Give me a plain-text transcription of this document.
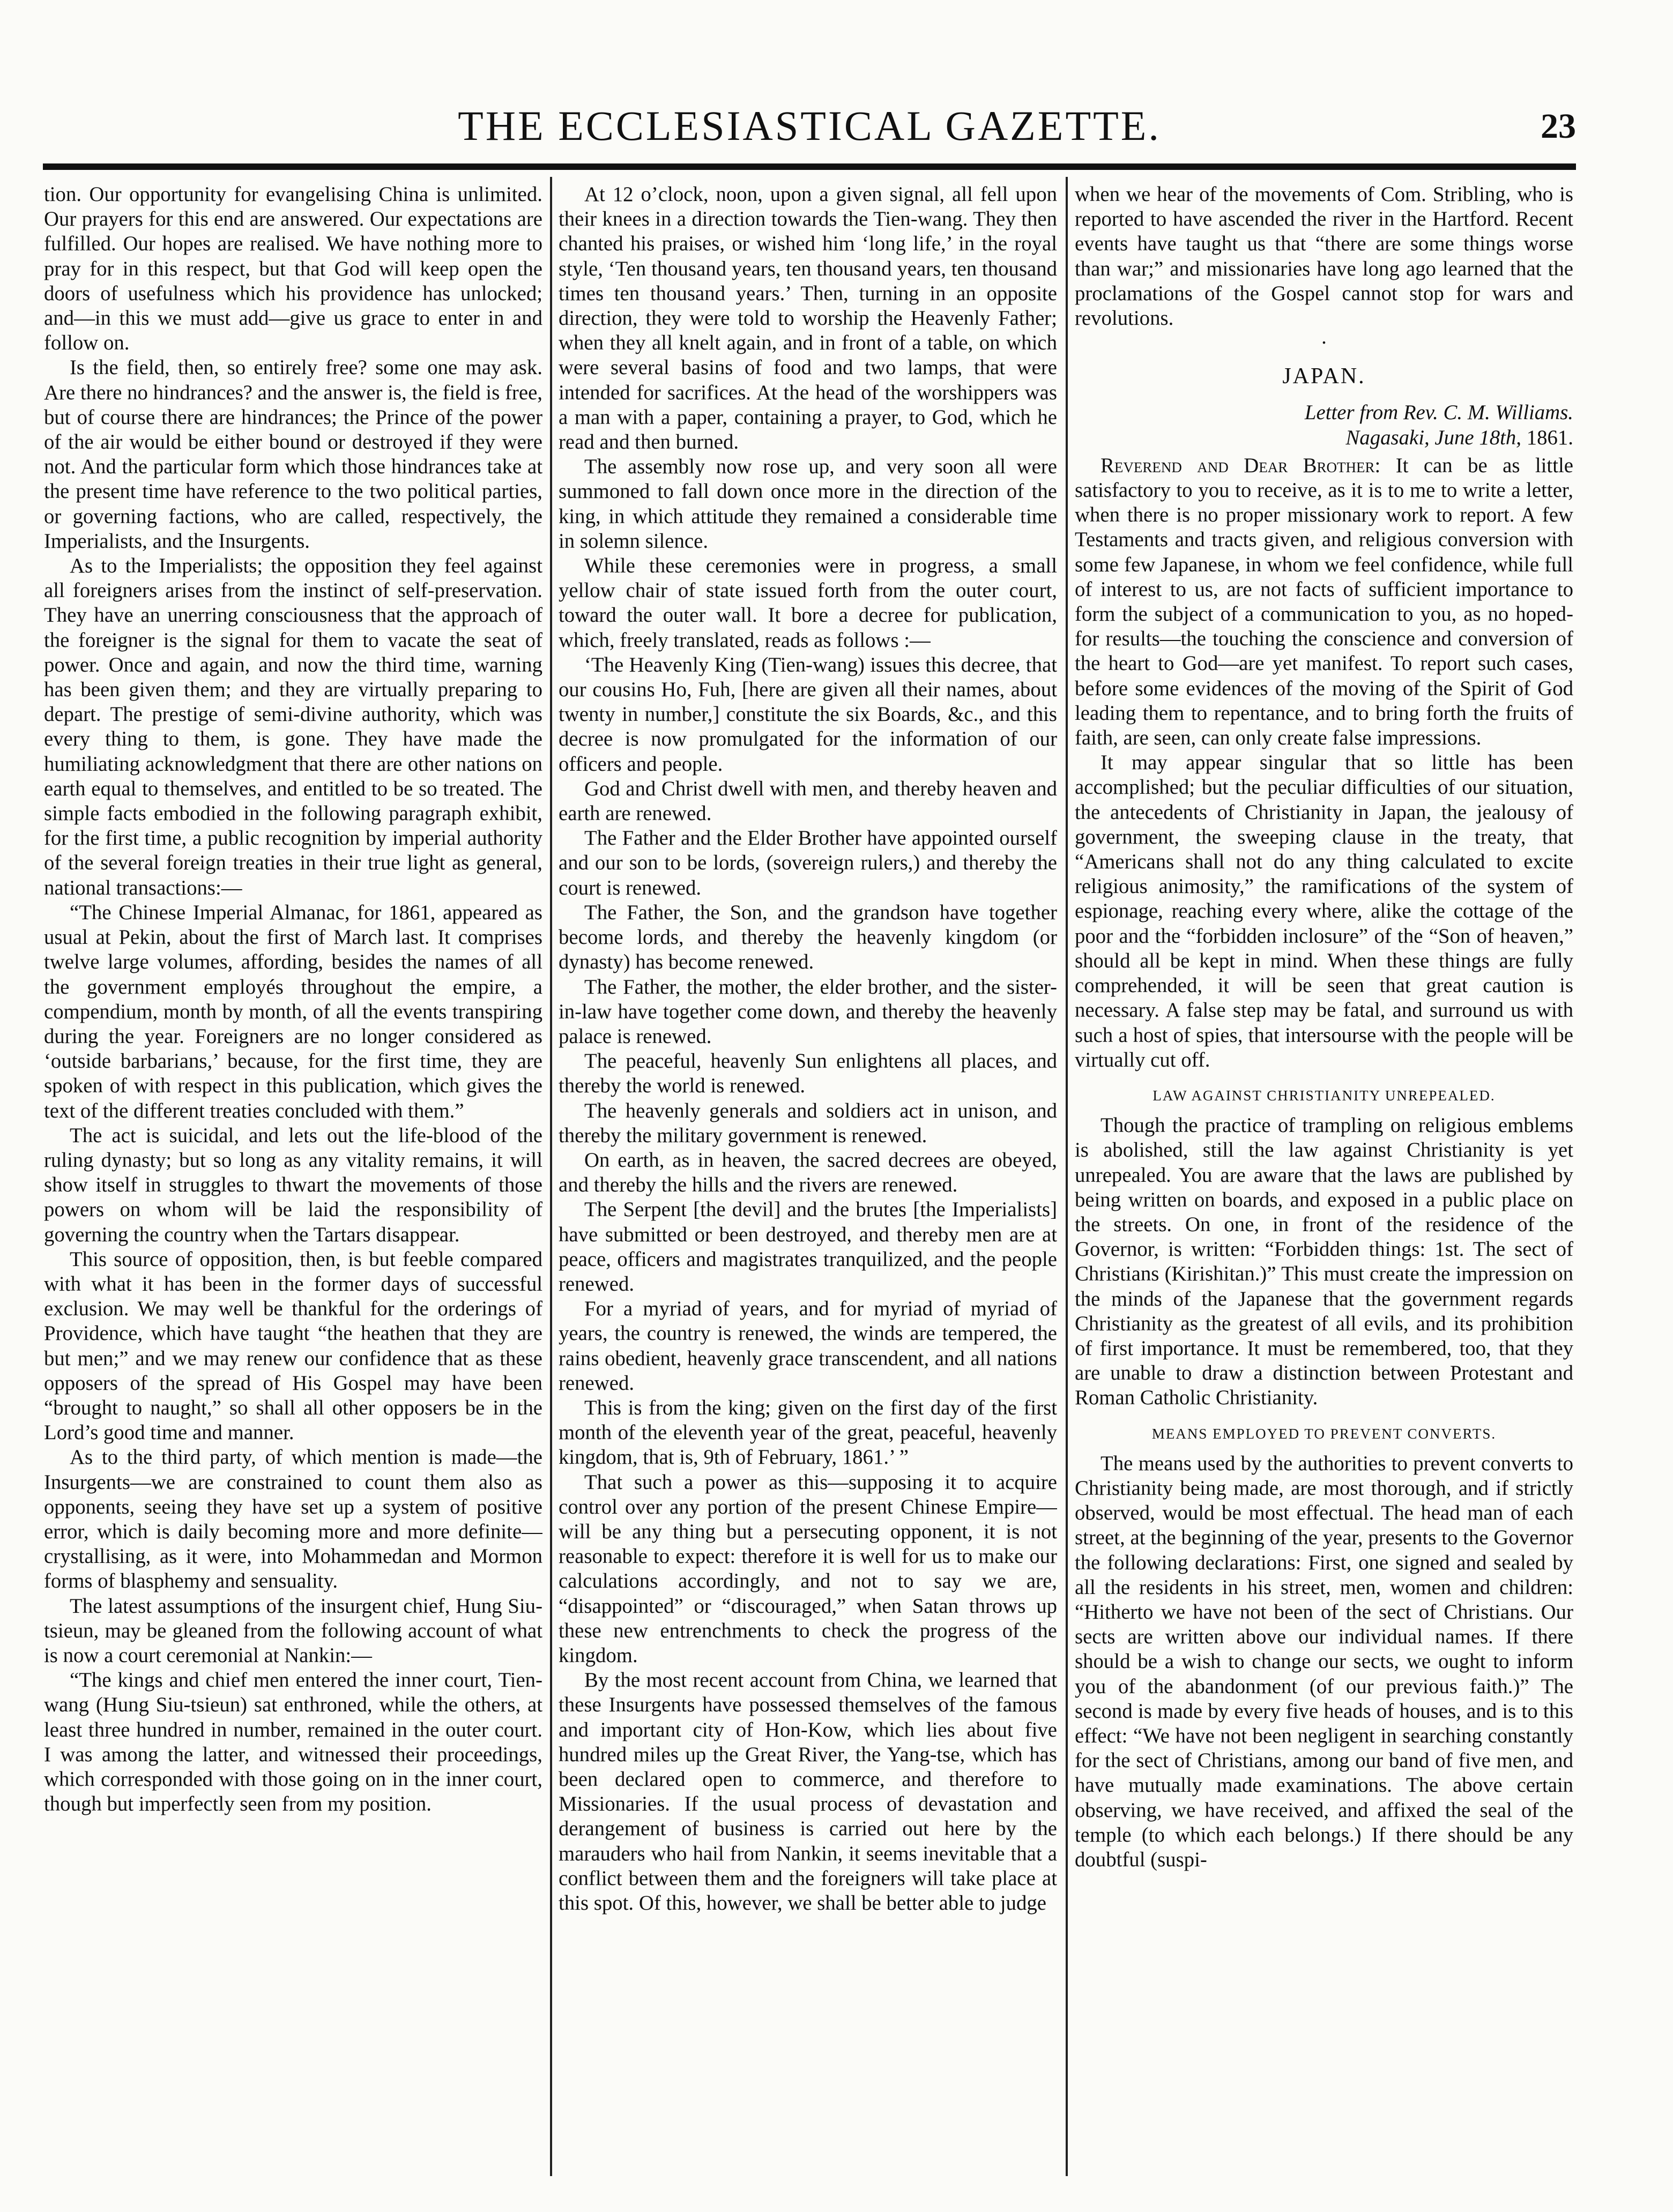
THE ECCLESIASTICAL GAZETTE.	23

tion. Our opportunity for evangelising China is unlimited. Our prayers for this end are answered. Our expectations are fulfilled. Our hopes are realised. We have nothing more to pray for in this respect, but that God will keep open the doors of usefulness which his providence has unlocked; and—in this we must add—give us grace to enter in and follow on.

Is the field, then, so entirely free? some one may ask. Are there no hindrances? and the answer is, the field is free, but of course there are hindrances; the Prince of the power of the air would be either bound or destroyed if they were not. And the particular form which those hindrances take at the present time have reference to the two political parties, or governing factions, who are called, respectively, the Imperialists, and the Insurgents.

As to the Imperialists; the opposition they feel against all foreigners arises from the instinct of self-preservation. They have an unerring consciousness that the approach of the foreigner is the signal for them to vacate the seat of power. Once and again, and now the third time, warning has been given them; and they are virtually preparing to depart. The prestige of semi-divine authority, which was every thing to them, is gone. They have made the humiliating acknowledgment that there are other nations on earth equal to themselves, and entitled to be so treated. The simple facts embodied in the following paragraph exhibit, for the first time, a public recognition by imperial authority of the several foreign treaties in their true light as general, national transactions:—

“The Chinese Imperial Almanac, for 1861, appeared as usual at Pekin, about the first of March last. It comprises twelve large volumes, affording, besides the names of all the government employés throughout the empire, a compendium, month by month, of all the events transpiring during the year. Foreigners are no longer considered as ‘outside barbarians,’ because, for the first time, they are spoken of with respect in this publication, which gives the text of the different treaties concluded with them.”

The act is suicidal, and lets out the life-blood of the ruling dynasty; but so long as any vitality remains, it will show itself in struggles to thwart the movements of those powers on whom will be laid the responsibility of governing the country when the Tartars disappear.

This source of opposition, then, is but feeble compared with what it has been in the former days of successful exclusion. We may well be thankful for the orderings of Providence, which have taught “the heathen that they are but men;” and we may renew our confidence that as these opposers of the spread of His Gospel may have been “brought to naught,” so shall all other opposers be in the Lord’s good time and manner.

As to the third party, of which mention is made—the Insurgents—we are constrained to count them also as opponents, seeing they have set up a system of positive error, which is daily becoming more and more definite—crystallising, as it were, into Mohammedan and Mormon forms of blasphemy and sensuality.

The latest assumptions of the insurgent chief, Hung Siu-tsieun, may be gleaned from the following account of what is now a court ceremonial at Nankin:—

“The kings and chief men entered the inner court, Tien-wang (Hung Siu-tsieun) sat enthroned, while the others, at least three hundred in number, remained in the outer court. I was among the latter, and witnessed their proceedings, which corresponded with those going on in the inner court, though but imperfectly seen from my position.

At 12 o’clock, noon, upon a given signal, all fell upon their knees in a direction towards the Tien-wang. They then chanted his praises, or wished him ‘long life,’ in the royal style, ‘Ten thousand years, ten thousand years, ten thousand times ten thousand years.’ Then, turning in an opposite direction, they were told to worship the Heavenly Father; when they all knelt again, and in front of a table, on which were several basins of food and two lamps, that were intended for sacrifices. At the head of the worshippers was a man with a paper, containing a prayer, to God, which he read and then burned.

The assembly now rose up, and very soon all were summoned to fall down once more in the direction of the king, in which attitude they remained a considerable time in solemn silence.

While these ceremonies were in progress, a small yellow chair of state issued forth from the outer court, toward the outer wall. It bore a decree for publication, which, freely translated, reads as follows :—

‘The Heavenly King (Tien-wang) issues this decree, that our cousins Ho, Fuh, [here are given all their names, about twenty in number,] constitute the six Boards, &c., and this decree is now promulgated for the information of our officers and people.

God and Christ dwell with men, and thereby heaven and earth are renewed.

The Father and the Elder Brother have appointed ourself and our son to be lords, (sovereign rulers,) and thereby the court is renewed.

The Father, the Son, and the grandson have together become lords, and thereby the heavenly kingdom (or dynasty) has become renewed.

The Father, the mother, the elder brother, and the sister-in-law have together come down, and thereby the heavenly palace is renewed.

The peaceful, heavenly Sun enlightens all places, and thereby the world is renewed.

The heavenly generals and soldiers act in unison, and thereby the military government is renewed.

On earth, as in heaven, the sacred decrees are obeyed, and thereby the hills and the rivers are renewed.

The Serpent [the devil] and the brutes [the Imperialists] have submitted or been destroyed, and thereby men are at peace, officers and magistrates tranquilized, and the people renewed.

For a myriad of years, and for myriad of myriad of years, the country is renewed, the winds are tempered, the rains obedient, heavenly grace transcendent, and all nations renewed.

This is from the king; given on the first day of the first month of the eleventh year of the great, peaceful, heavenly kingdom, that is, 9th of February, 1861.’ ”

That such a power as this—supposing it to acquire control over any portion of the present Chinese Empire—will be any thing but a persecuting opponent, it is not reasonable to expect: therefore it is well for us to make our calculations accordingly, and not to say we are, “disappointed” or “discouraged,” when Satan throws up these new entrenchments to check the progress of the kingdom.

By the most recent account from China, we learned that these Insurgents have possessed themselves of the famous and important city of Hon-Kow, which lies about five hundred miles up the Great River, the Yang-tse, which has been declared open to commerce, and therefore to Missionaries. If the usual process of devastation and derangement of business is carried out here by the marauders who hail from Nankin, it seems inevitable that a conflict between them and the foreigners will take place at this spot. Of this, however, we shall be better able to judge

when we hear of the movements of Com. Stribling, who is reported to have ascended the river in the Hartford. Recent events have taught us that “there are some things worse than war;” and missionaries have long ago learned that the proclamations of the Gospel cannot stop for wars and revolutions.

·
JAPAN.

Letter from Rev. C. M. Williams.

Nagasaki, June 18th, 1861.

Reverend and Dear Brother: It can be as little satisfactory to you to receive, as it is to me to write a letter, when there is no proper missionary work to report. A few Testaments and tracts given, and religious conversion with some few Japanese, in whom we feel confidence, while full of interest to us, are not facts of sufficient importance to form the subject of a communication to you, as no hoped-for results—the touching the conscience and conversion of the heart to God—are yet manifest. To report such cases, before some evidences of the moving of the Spirit of God leading them to repentance, and to bring forth the fruits of faith, are seen, can only create false impressions.

It may appear singular that so little has been accomplished; but the peculiar difficulties of our situation, the antecedents of Christianity in Japan, the jealousy of government, the sweeping clause in the treaty, that “Americans shall not do any thing calculated to excite religious animosity,” the ramifications of the system of espionage, reaching every where, alike the cottage of the poor and the “forbidden inclosure” of the “Son of heaven,” should all be kept in mind. When these things are fully comprehended, it will be seen that great caution is necessary. A false step may be fatal, and surround us with such a host of spies, that intersourse with the people will be virtually cut off.

LAW AGAINST CHRISTIANITY UNREPEALED.

Though the practice of trampling on religious emblems is abolished, still the law against Christianity is yet unrepealed. You are aware that the laws are published by being written on boards, and exposed in a public place on the streets. On one, in front of the residence of the Governor, is written: “Forbidden things: 1st. The sect of Christians (Kirishitan.)” This must create the impression on the minds of the Japanese that the government regards Christianity as the greatest of all evils, and its prohibition of first importance. It must be remembered, too, that they are unable to draw a distinction between Protestant and Roman Catholic Christianity.

MEANS EMPLOYED TO PREVENT CONVERTS.

The means used by the authorities to prevent converts to Christianity being made, are most thorough, and if strictly observed, would be most effectual. The head man of each street, at the beginning of the year, presents to the Governor the following declarations: First, one signed and sealed by all the residents in his street, men, women and children: “Hitherto we have not been of the sect of Christians. Our sects are written above our individual names. If there should be a wish to change our sects, we ought to inform you of the abandonment (of our previous faith.)” The second is made by every five heads of houses, and is to this effect: “We have not been negligent in searching constantly for the sect of Christians, among our band of five men, and have mutually made examinations. The above certain observing, we have received, and affixed the seal of the temple (to which each belongs.) If there should be any doubtful (suspi-
